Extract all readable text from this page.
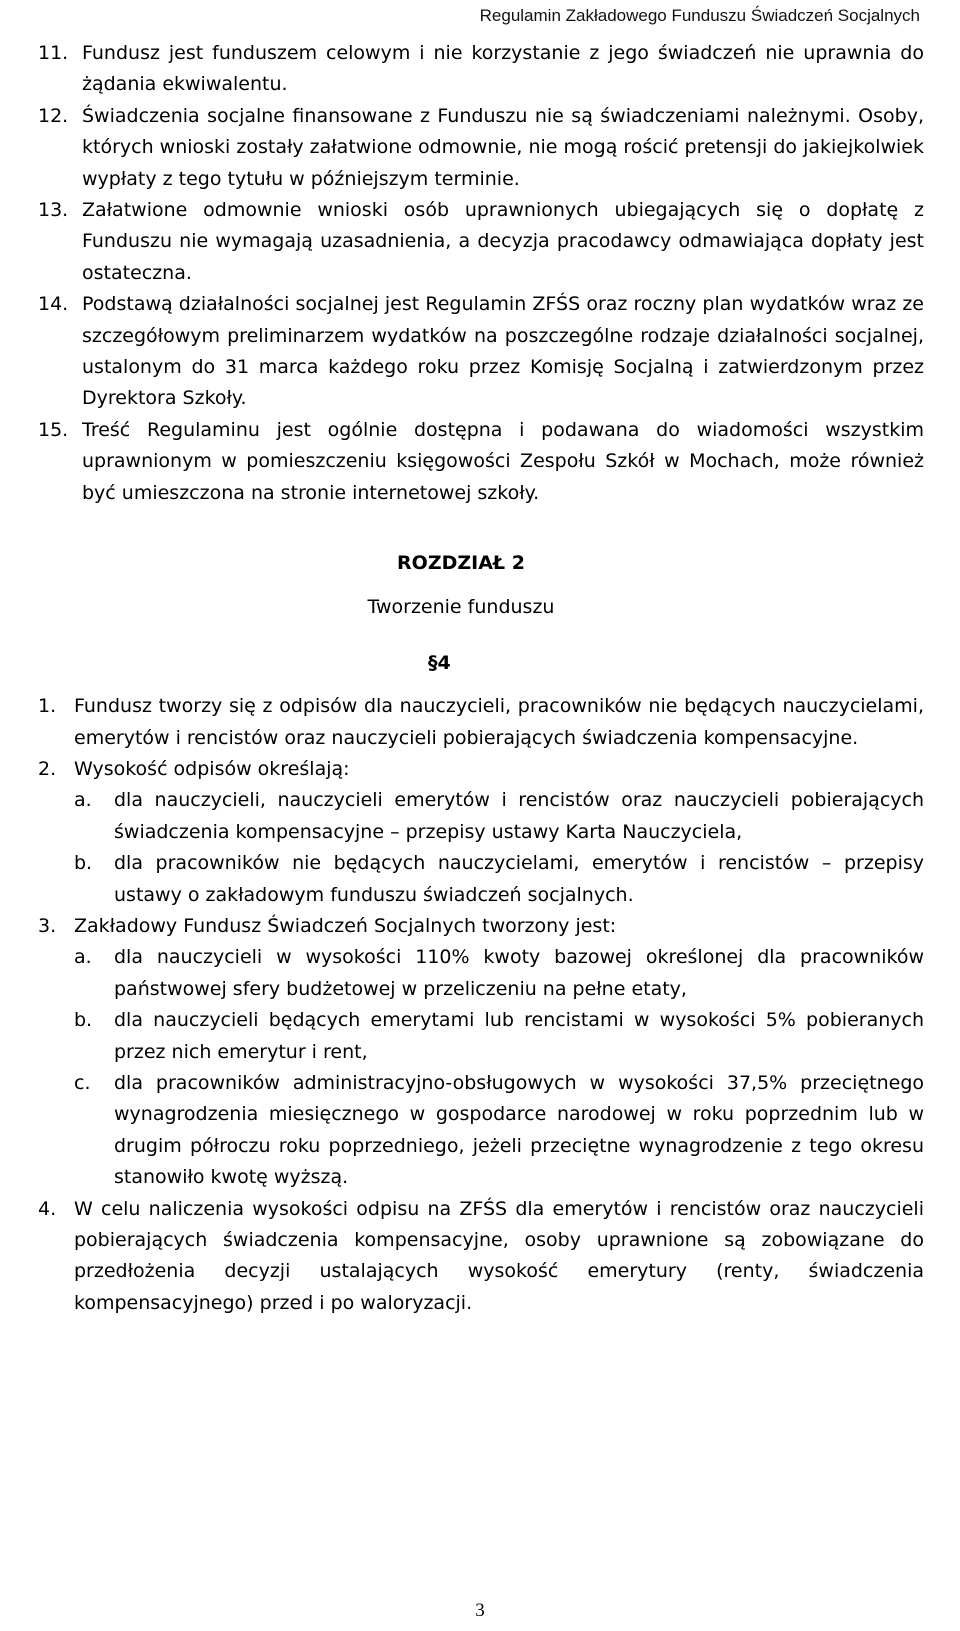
Regulamin Zakładowego Funduszu Świadczeń Socjalnych
11. Fundusz jest funduszem celowym i nie korzystanie z jego świadczeń nie uprawnia do żądania ekwiwalentu.
12. Świadczenia socjalne finansowane z Funduszu nie są świadczeniami należnymi. Osoby, których wnioski zostały załatwione odmownie, nie mogą rościć pretensji do jakiejkolwiek wypłaty z tego tytułu w późniejszym terminie.
13. Załatwione odmownie wnioski osób uprawnionych ubiegających się o dopłatę z Funduszu nie wymagają uzasadnienia, a decyzja pracodawcy odmawiająca dopłaty jest ostateczna.
14. Podstawą działalności socjalnej jest Regulamin ZFŚS oraz roczny plan wydatków wraz ze szczegółowym preliminarzem wydatków na poszczególne rodzaje działalności socjalnej, ustalonym do 31 marca każdego roku przez Komisję Socjalną i zatwierdzonym przez Dyrektora Szkoły.
15. Treść Regulaminu jest ogólnie dostępna i podawana do wiadomości wszystkim uprawnionym w pomieszczeniu księgowości Zespołu Szkół w Mochach, może również być umieszczona na stronie internetowej szkoły.
ROZDZIAŁ 2
Tworzenie funduszu
§4
1. Fundusz tworzy się z odpisów dla nauczycieli, pracowników nie będących nauczycielami, emerytów i rencistów oraz nauczycieli pobierających świadczenia kompensacyjne.
2. Wysokość odpisów określają:
a.	dla nauczycieli, nauczycieli emerytów i rencistów oraz nauczycieli pobierających świadczenia kompensacyjne – przepisy ustawy Karta Nauczyciela,
b.	dla pracowników nie będących nauczycielami, emerytów i rencistów – przepisy ustawy o zakładowym funduszu świadczeń socjalnych.
3. Zakładowy Fundusz Świadczeń Socjalnych tworzony jest:
a.	dla nauczycieli w wysokości 110% kwoty bazowej określonej dla pracowników państwowej sfery budżetowej w przeliczeniu na pełne etaty,
b.	dla nauczycieli będących emerytami lub rencistami w wysokości 5% pobieranych przez nich emerytur i rent,
c.	dla pracowników administracyjno-obsługowych w wysokości 37,5% przeciętnego wynagrodzenia miesięcznego w gospodarce narodowej w roku poprzednim lub w drugim półroczu roku poprzedniego, jeżeli przeciętne wynagrodzenie z tego okresu stanowiło kwotę wyższą.
4. W celu naliczenia wysokości odpisu na ZFŚS dla emerytów i rencistów oraz nauczycieli pobierających świadczenia kompensacyjne, osoby uprawnione są zobowiązane do przedłożenia decyzji ustalających wysokość emerytury (renty, świadczenia kompensacyjnego) przed i po waloryzacji.
3
